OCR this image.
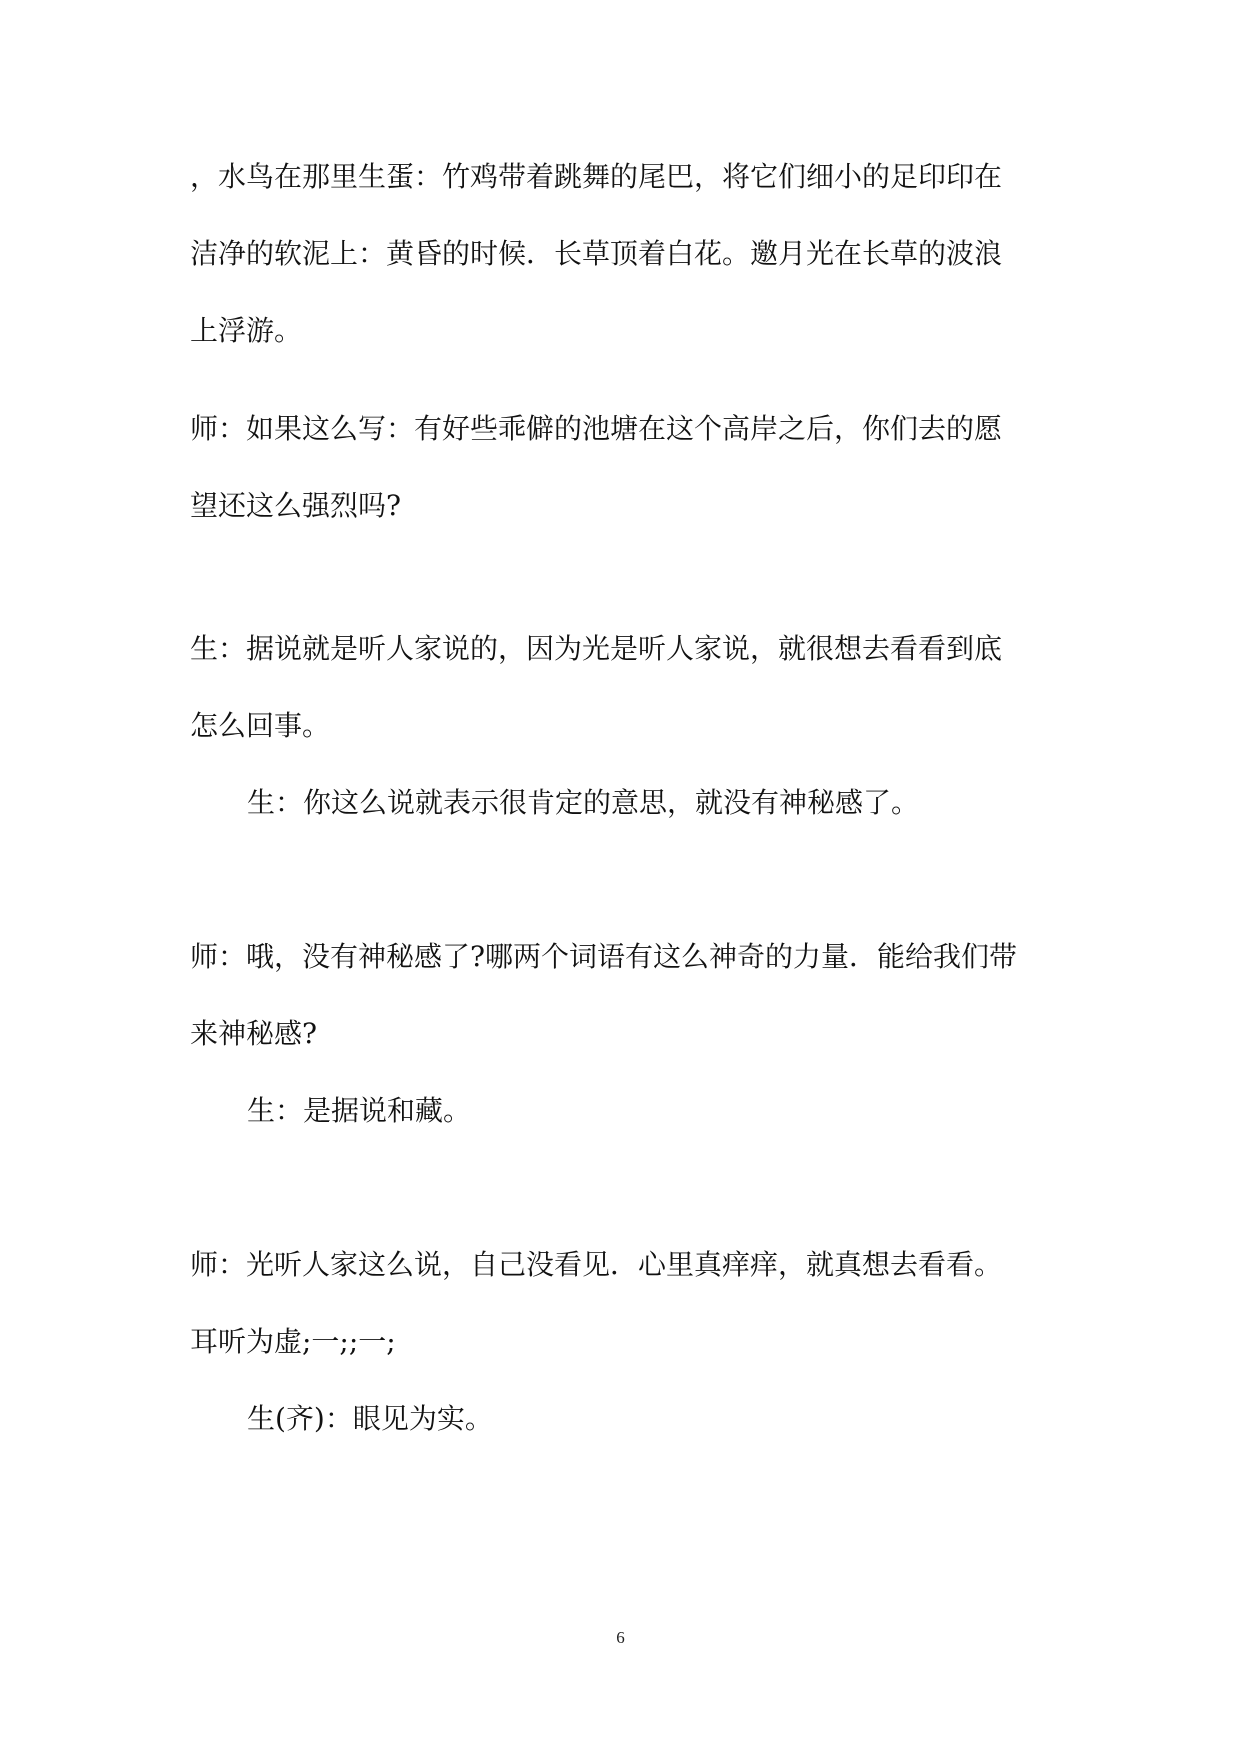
，水鸟在那里生蛋：竹鸡带着跳舞的尾巴，将它们细小的足印印在
洁净的软泥上：黄昏的时候．长草顶着白花。邀月光在长草的波浪
上浮游。
师：如果这么写：有好些乖僻的池塘在这个高岸之后，你们去的愿
望还这么强烈吗?
生：据说就是听人家说的，因为光是听人家说，就很想去看看到底
怎么回事。
生：你这么说就表示很肯定的意思，就没有神秘感了。
师：哦，没有神秘感了?哪两个词语有这么神奇的力量．能给我们带
来神秘感?
生：是据说和藏。
师：光听人家这么说，自己没看见．心里真痒痒，就真想去看看。
耳听为虚;一;;一;
生(齐)：眼见为实。
6
